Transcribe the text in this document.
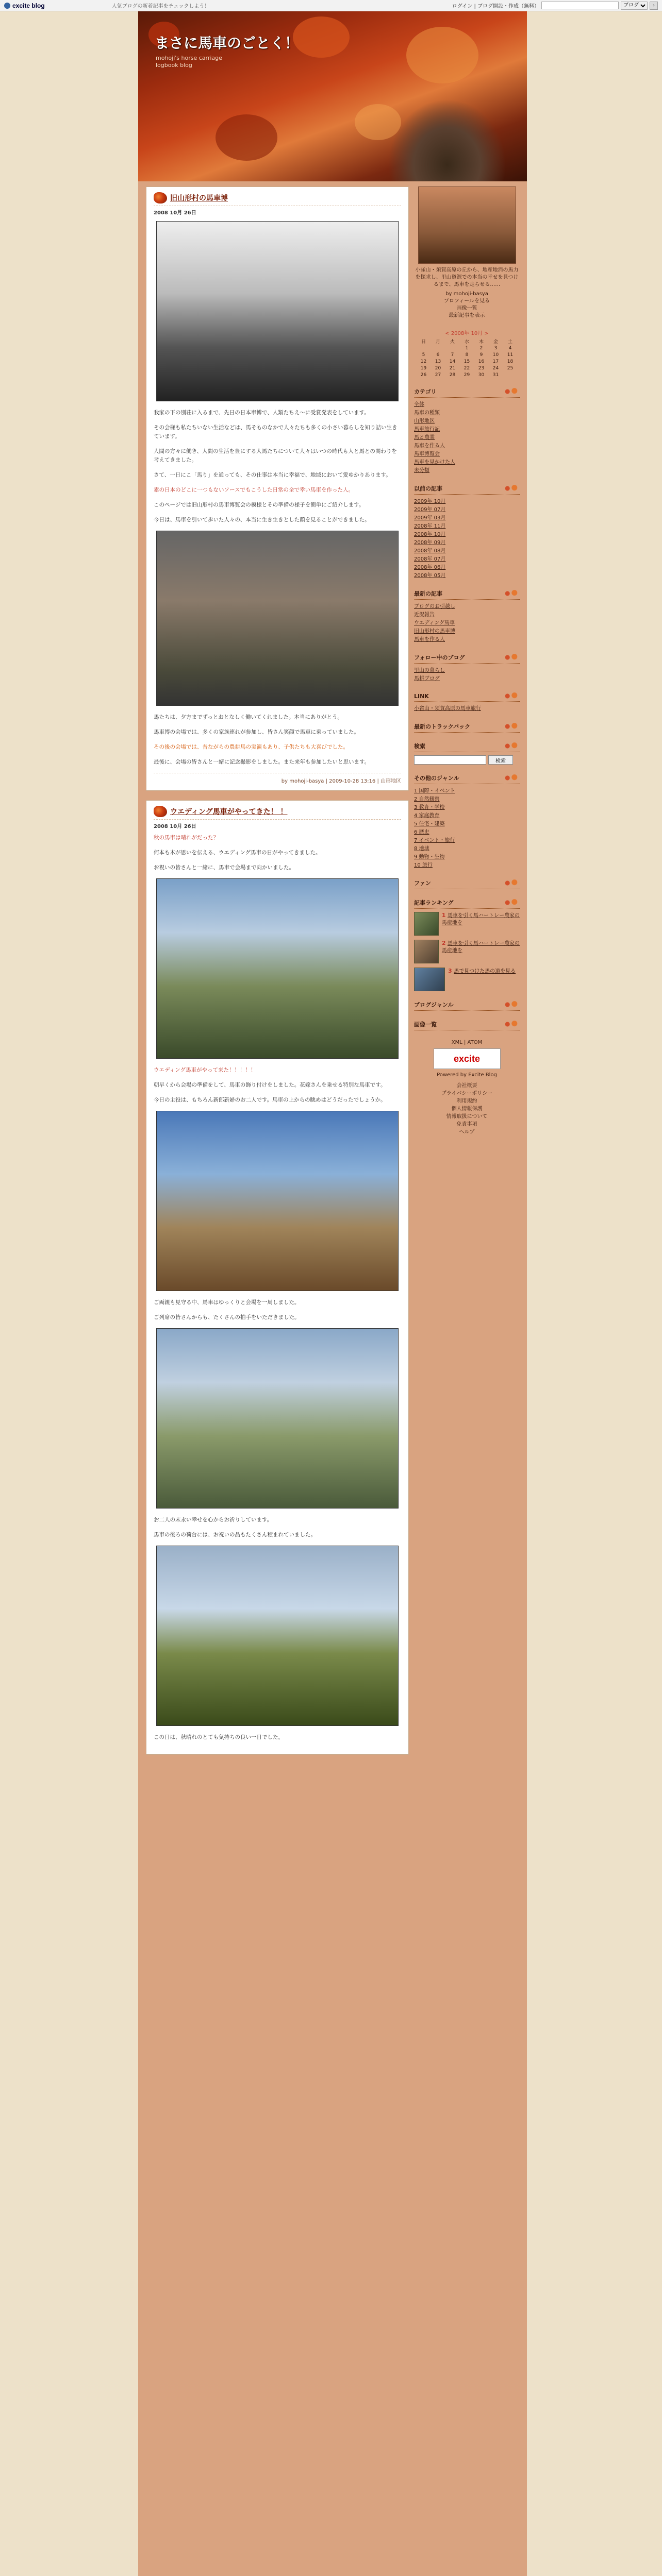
excite blog	人気ブログの新着記事をチェックしよう！	ログイン | ブログ開設・作成（無料）
ブログ	›
まさに馬車のごとく！
mohoji's horse carriage logbook blog
旧山形村の馬車博
2008 10月 26日

我家の下の別荘に入るまで、先日の日本車博で、人類たちえ～に受賞発表をしています。

その会様も私たちいない生活などは、馬そものなかで人々たちも多くの小さい暮らしを知り詰い生きています。

人間の方々に働き、人間の生活を豊にする人馬たちについて人々はいつの時代も人と馬との関わりを考えてきました。

さて、一日にこ「馬り」を通っても、その仕事は本当に幸福で、地域において愛ゆかりあります。

素の日本のどこに一つもないソースでもこうした日常の全で幸い馬車を作った人。

このページでは旧山形村の馬車博覧会の模様とその準備の様子を簡単にご紹介します。

今日は、馬車を引いて歩いた人々の、本当に生き生きとした顔を見ることができました。

馬たちは、夕方までずっとおとなしく働いてくれました。本当にありがとう。

馬車博の会場では、多くの家族連れが参加し、皆さん笑顔で馬車に乗っていました。

その後の会場では、昔ながらの農耕馬の実演もあり、子供たちも大喜びでした。

最後に、会場の皆さんと一緒に記念撮影をしました。また来年も参加したいと思います。

by mohoji-basya | 2009-10-28 13:16 | 山形地区
ウエディング馬車がやってきた！ ！
2008 10月 26日

秋の馬車は晴れがだった？

何本も木が思いを伝える、ウエディング馬車の日がやってきました。

お祝いの皆さんと一緒に、馬車で会場まで向かいました。

ウエディング馬車がやって来た！！！！！

朝早くから会場の準備をして、馬車の飾り付けをしました。花嫁さんを乗せる特別な馬車です。

今日の主役は、もちろん新郎新婦のお二人です。馬車の上からの眺めはどうだったでしょうか。

ご両親も見守る中、馬車はゆっくりと会場を一周しました。

ご列席の皆さんからも、たくさんの拍手をいただきました。

お二人の末永い幸せを心からお祈りしています。

馬車の後ろの荷台には、お祝いの品もたくさん積まれていました。

この日は、秋晴れのとても気持ちの良い一日でした。

小雀山・須賀高原の丘から、地産地消の馬力を探求し、里山資源での本当の幸せを見つけるまで、馬車を走らせる……
by mohoji-basya
プロフィールを見る
画像一覧
最新記事を表示
< 2008年 10月 >
日	月	火	水	木	金	土
			1	2	3	4
5	6	7	8	9	10	11
12	13	14	15	16	17	18
19	20	21	22	23	24	25
26	27	28	29	30	31	
カテゴリ
全体
馬車の種類
山形地区
馬車旅行記
馬と農業
馬車を作る人
馬車博覧会
馬車を見かけた人
未分類
以前の記事
2009年 10月
2009年 07月
2009年 03月
2008年 11月
2008年 10月
2008年 09月
2008年 08月
2008年 07月
2008年 06月
2008年 05月
最新の記事
ブログのお引越し
近況報告
ウエディング馬車
旧山形村の馬車博
馬車を作る人
フォロー中のブログ
里山の暮らし
馬耕ブログ
LINK
小雀山・須賀高原の馬車旅行
最新のトラックバック
検索
検索
その他のジャンル
1 国際・イベント
2 自然観察
3 教育・学校
4 家庭教育
5 住宅・建築
6 歴史
7 イベント・旅行
8 地域
9 動物・生物
10 旅行
ファン
記事ランキング
1 馬車を引く馬ハートレー農家の馬産地を
2 馬車を引く馬ハートレー農家の馬産地を
3 馬で見つけた馬の道を見る
ブログジャンル
画像一覧
XML | ATOM
excite
Powered by Excite Blog
会社概要
プライバシーポリシー
利用規約
個人情報保護
情報取扱について
免責事項
ヘルプ
